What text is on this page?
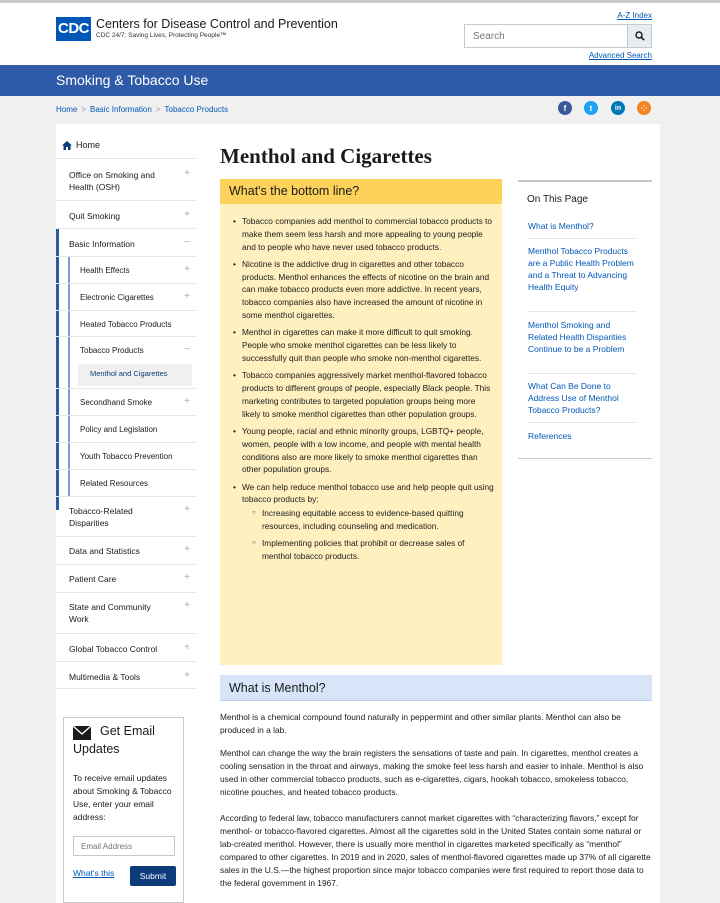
CDC Centers for Disease Control and Prevention
CDC 24/7: Saving Lives, Protecting People™
A-Z Index
Search
Advanced Search
Smoking & Tobacco Use
Home > Basic Information > Tobacco Products	f	t	in	⁘
Home
Office on Smoking and Health (OSH)
+
Quit Smoking	+
Basic Information	−
Health Effects	+
Electronic Cigarettes	+
Heated Tobacco Products
Tobacco Products	−
Menthol and Cigarettes
Secondhand Smoke	+
Policy and Legislation
Youth Tobacco Prevention
Related Resources
Tobacco-Related Disparities
+
Data and Statistics	+
Patient Care	+
State and Community Work
+
Global Tobacco Control	+
Multimedia & Tools	+
Get Email
Updates
To receive email updates about Smoking & Tobacco Use, enter your email address:
Email Address
What's this	Submit
Menthol and Cigarettes
What's the bottom line?
• Tobacco companies add menthol to commercial tobacco products to make them seem less harsh and more appealing to young people and to people who have never used tobacco products.
• Nicotine is the addictive drug in cigarettes and other tobacco products. Menthol enhances the effects of nicotine on the brain and can make tobacco products even more addictive. In recent years, tobacco companies also have increased the amount of nicotine in some menthol cigarettes.
• Menthol in cigarettes can make it more difficult to quit smoking. People who smoke menthol cigarettes can be less likely to successfully quit than people who smoke non-menthol cigarettes.
• Tobacco companies aggressively market menthol-flavored tobacco products to different groups of people, especially Black people. This marketing contributes to targeted population groups being more likely to smoke menthol cigarettes than other population groups.
• Young people, racial and ethnic minority groups, LGBTQ+ people, women, people with a low income, and people with mental health conditions also are more likely to smoke menthol cigarettes than other population groups.
• We can help reduce menthol tobacco use and help people quit using tobacco products by:
○ Increasing equitable access to evidence-based quitting resources, including counseling and medication.
○ Implementing policies that prohibit or decrease sales of menthol tobacco products.
On This Page
What is Menthol?
Menthol Tobacco Products are a Public Health Problem and a Threat to Advancing Health Equity
Menthol Smoking and Related Health Disparities Continue to be a Problem
What Can Be Done to Address Use of Menthol Tobacco Products?
References
What is Menthol?

Menthol is a chemical compound found naturally in peppermint and other similar plants. Menthol can also be produced in a lab.

Menthol can change the way the brain registers the sensations of taste and pain. In cigarettes, menthol creates a cooling sensation in the throat and airways, making the smoke feel less harsh and easier to inhale. Menthol is also used in other commercial tobacco products, such as e-cigarettes, cigars, hookah tobacco, smokeless tobacco, nicotine pouches, and heated tobacco products.

According to federal law, tobacco manufacturers cannot market cigarettes with “characterizing flavors,” except for menthol- or tobacco-flavored cigarettes. Almost all the cigarettes sold in the United States contain some natural or lab-created menthol. However, there is usually more menthol in cigarettes marketed specifically as “menthol” compared to other cigarettes. In 2019 and in 2020, sales of menthol-flavored cigarettes made up 37% of all cigarette sales in the U.S.—the highest proportion since major tobacco companies were first required to report those data to the federal government in 1967.
